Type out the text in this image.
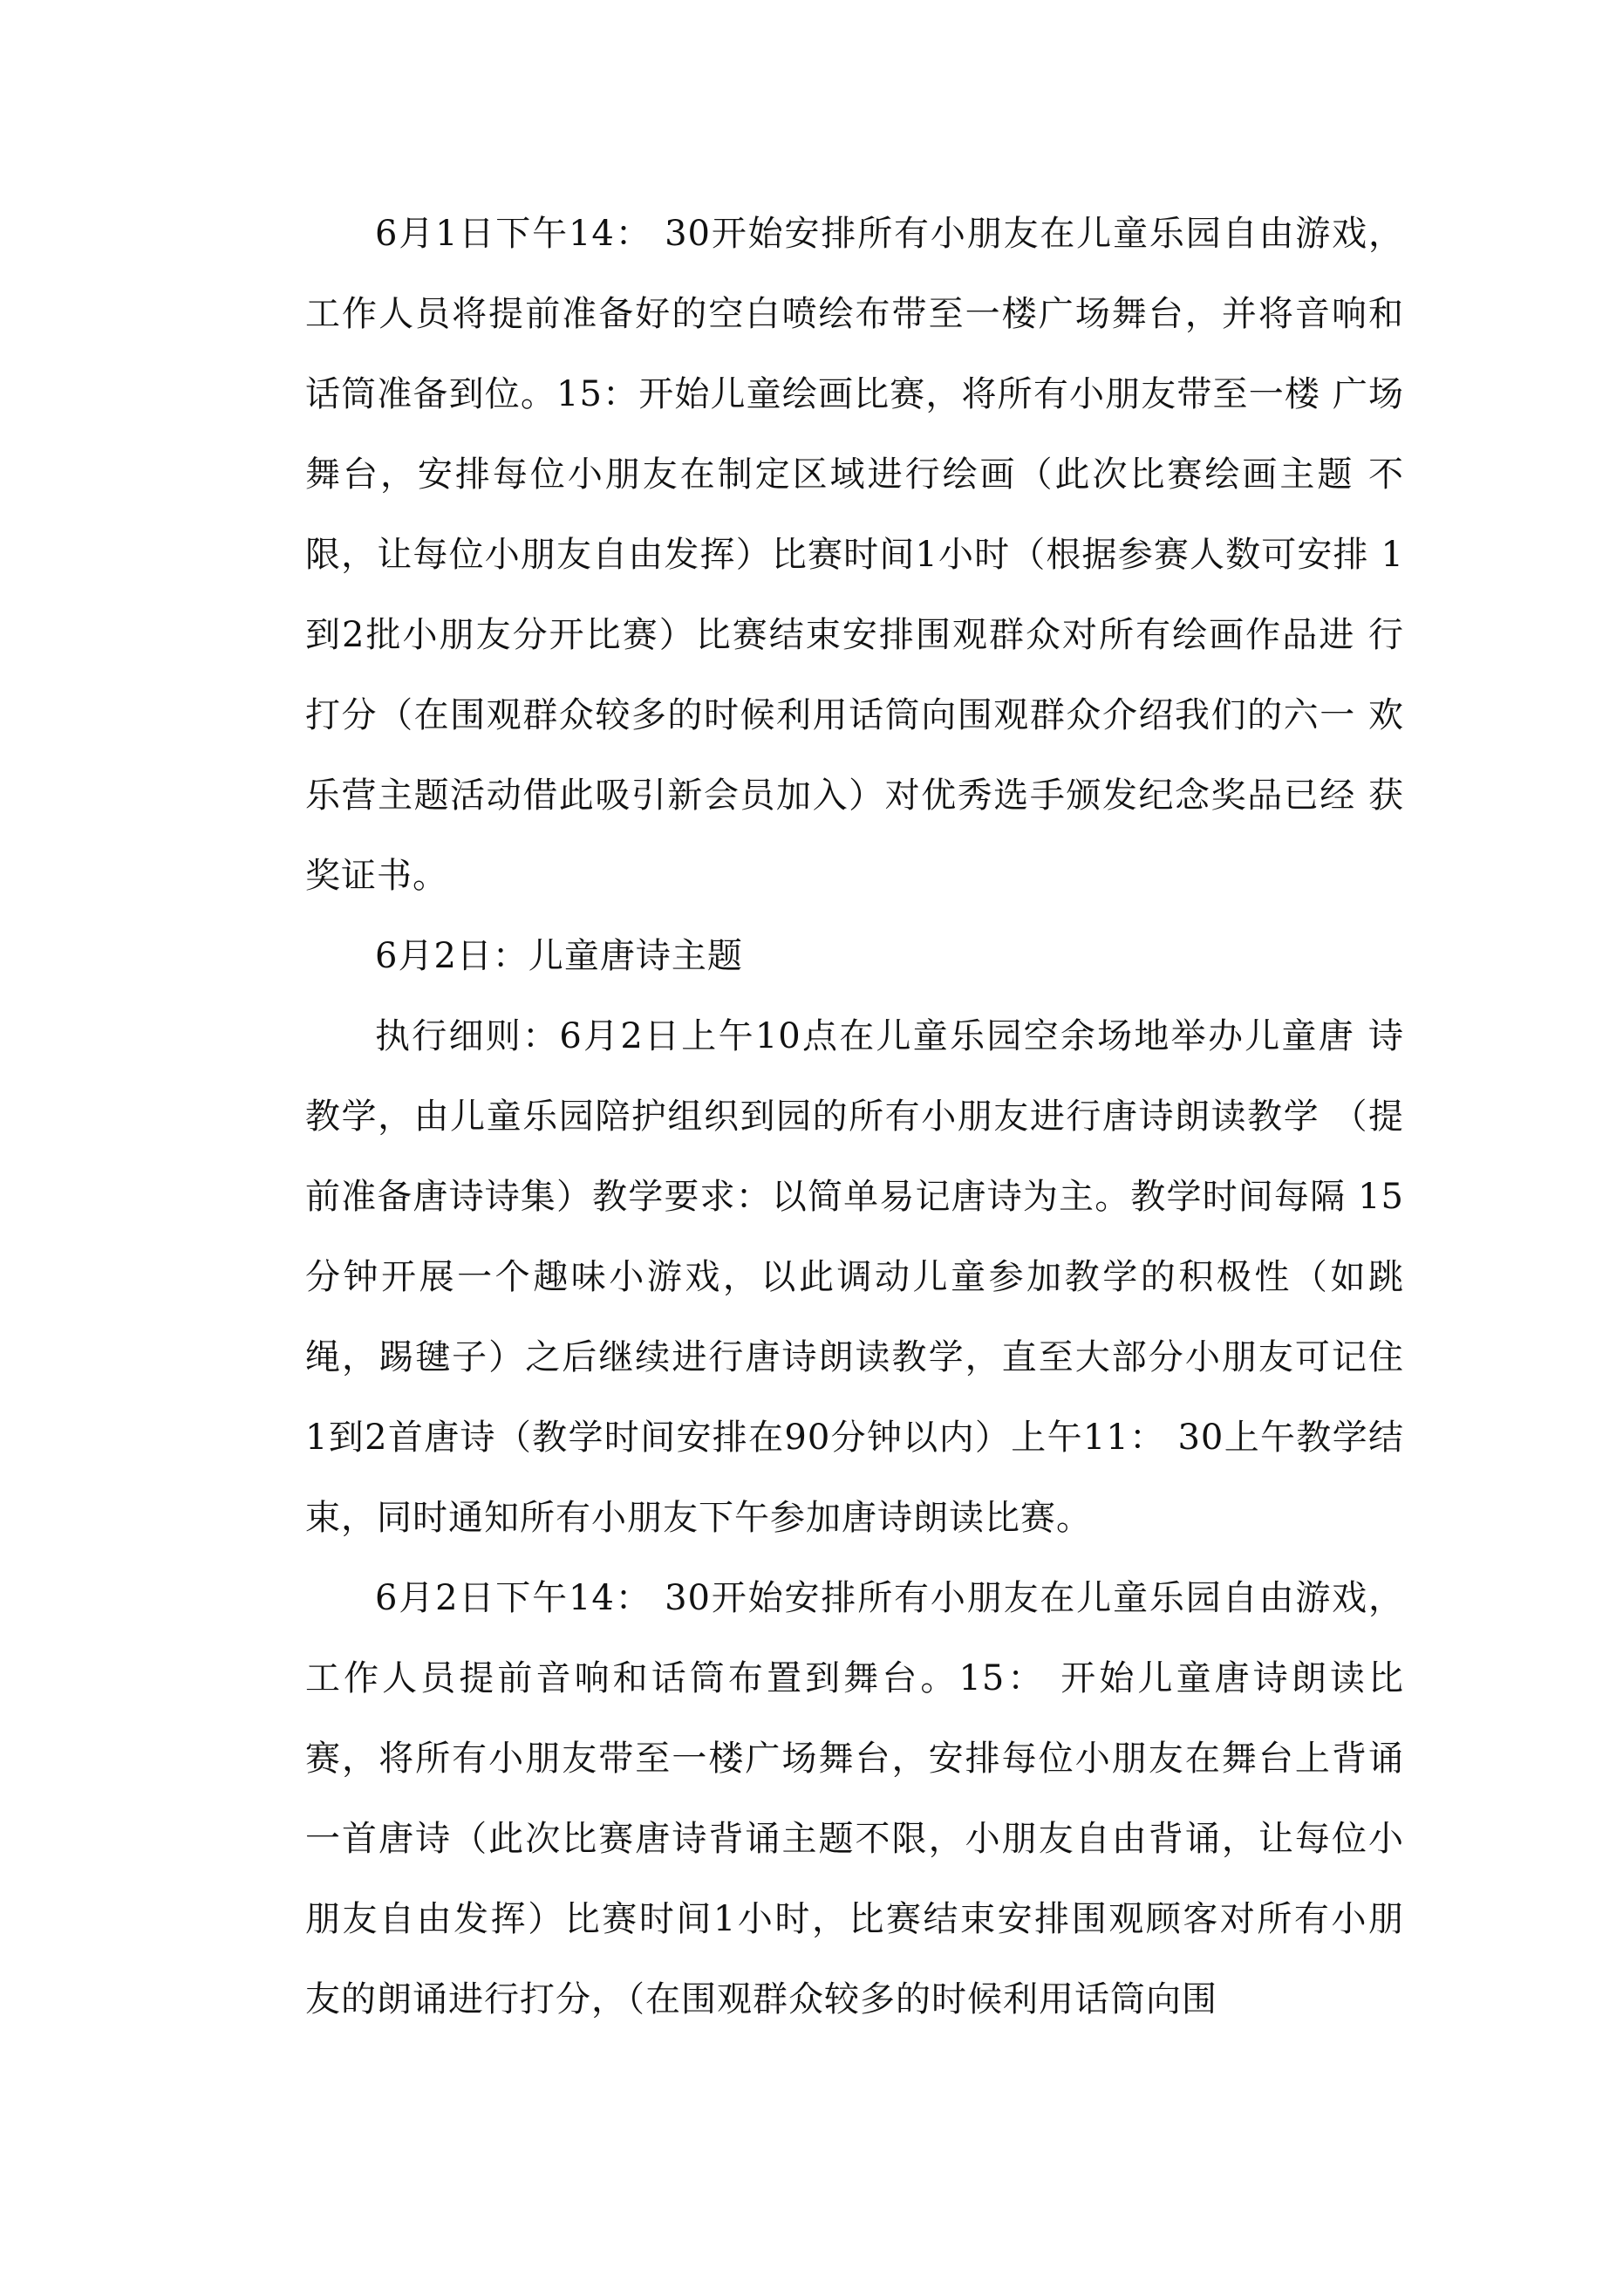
6月1日下午14： 30开始安排所有小朋友在儿童乐园自由游戏， 工作人员将提前准备好的空白喷绘布带至一楼广场舞台，并将音响和 话筒准备到位。15：开始儿童绘画比赛，将所有小朋友带至一楼 广场舞台，安排每位小朋友在制定区域进行绘画（此次比赛绘画主题 不限，让每位小朋友自由发挥）比赛时间1小时（根据参赛人数可安排 1到2批小朋友分开比赛）比赛结束安排围观群众对所有绘画作品进 行打分（在围观群众较多的时候利用话筒向围观群众介绍我们的六一 欢乐营主题活动借此吸引新会员加入）对优秀选手颁发纪念奖品已经 获奖证书。

6月2日：儿童唐诗主题

执行细则：6月2日上午10点在儿童乐园空余场地举办儿童唐 诗教学，由儿童乐园陪护组织到园的所有小朋友进行唐诗朗读教学 （提前准备唐诗诗集）教学要求：以简单易记唐诗为主。教学时间每隔 15分钟开展一个趣味小游戏，以此调动儿童参加教学的积极性（如跳 绳，踢毽子）之后继续进行唐诗朗读教学，直至大部分小朋友可记住 1到2首唐诗（教学时间安排在90分钟以内）上午11： 30上午教学结 束，同时通知所有小朋友下午参加唐诗朗读比赛。

6月2日下午14： 30开始安排所有小朋友在儿童乐园自由游戏， 工作人员提前音响和话筒布置到舞台。15： 开始儿童唐诗朗读比 赛，将所有小朋友带至一楼广场舞台，安排每位小朋友在舞台上背诵 一首唐诗（此次比赛唐诗背诵主题不限，小朋友自由背诵，让每位小 朋友自由发挥）比赛时间1小时，比赛结束安排围观顾客对所有小朋 友的朗诵进行打分，（在围观群众较多的时候利用话筒向围
